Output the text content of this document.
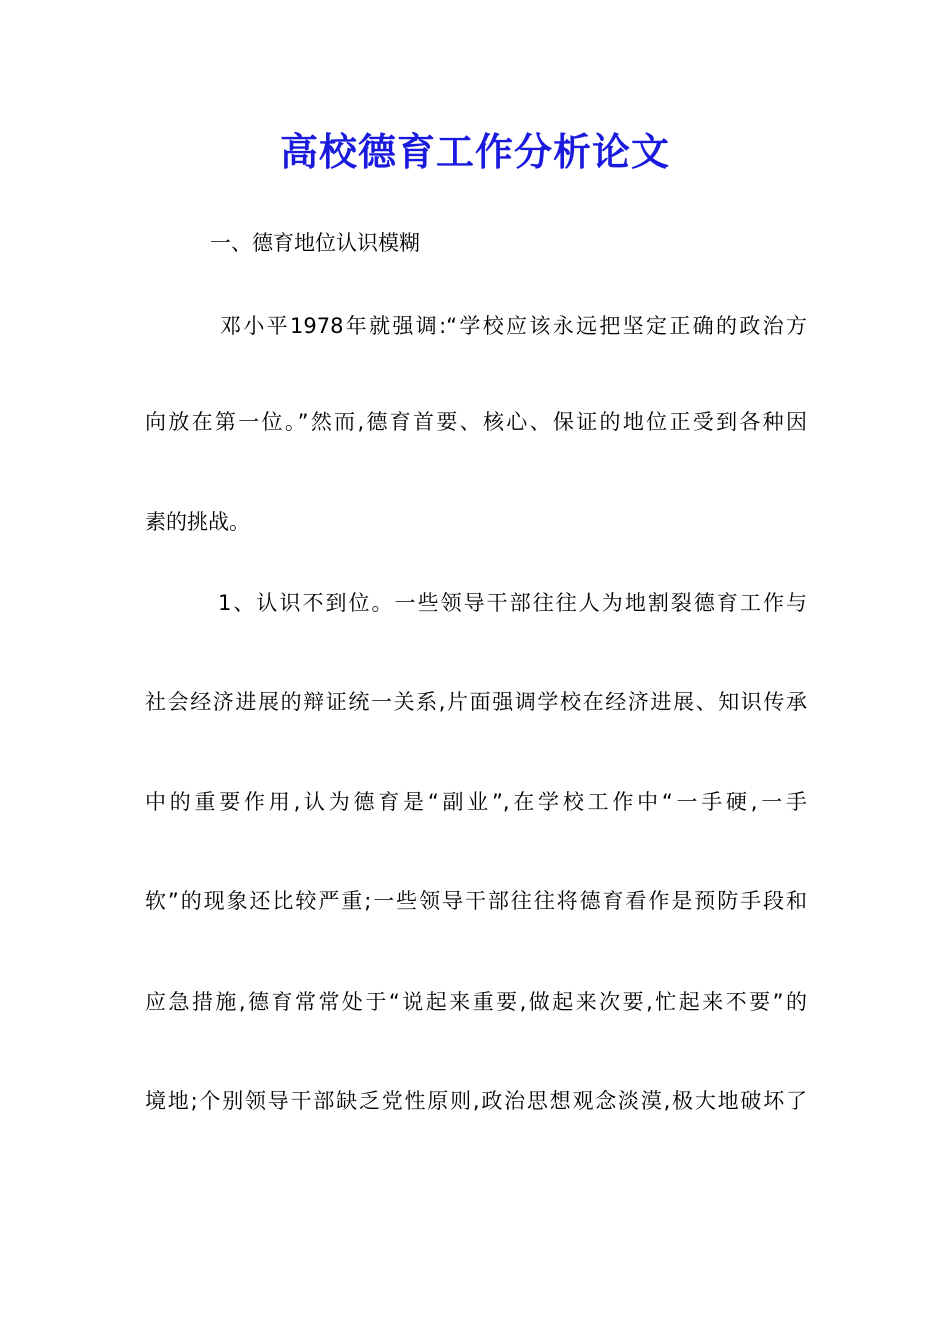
高校德育工作分析论文
一、德育地位认识模糊
邓小平1978年就强调:“学校应该永远把坚定正确的政治方
向放在第一位。”然而,德育首要、核心、保证的地位正受到各种因
素的挑战。
1、认识不到位。一些领导干部往往人为地割裂德育工作与
社会经济进展的辩证统一关系,片面强调学校在经济进展、知识传承
中的重要作用,认为德育是“副业”,在学校工作中“一手硬,一手
软”的现象还比较严重;一些领导干部往往将德育看作是预防手段和
应急措施,德育常常处于“说起来重要,做起来次要,忙起来不要”的
境地;个别领导干部缺乏党性原则,政治思想观念淡漠,极大地破坏了
